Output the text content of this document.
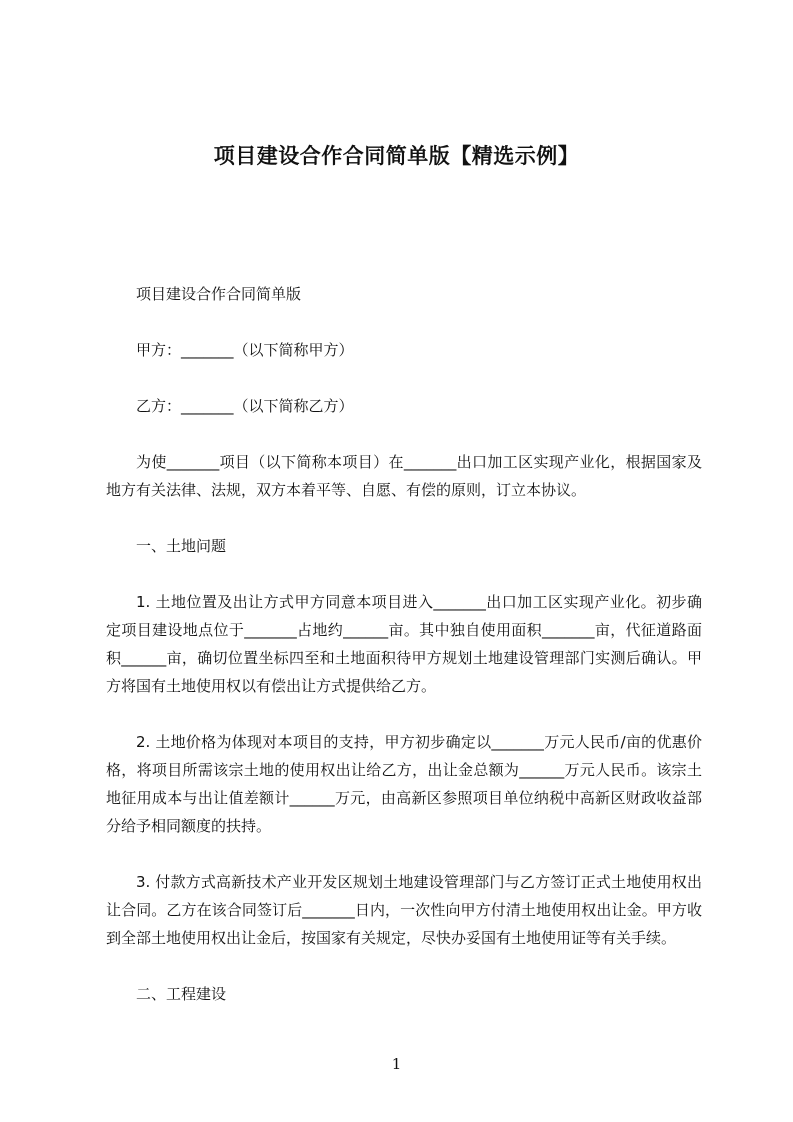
项目建设合作合同简单版【精选示例】

项目建设合作合同简单版

甲方：_______（以下简称甲方）

乙方：_______（以下简称乙方）

为使_______项目（以下简称本项目）在_______出口加工区实现产业化，根据国家及地方有关法律、法规，双方本着平等、自愿、有偿的原则，订立本协议。

一、土地问题

1. 土地位置及出让方式甲方同意本项目进入_______出口加工区实现产业化。初步确定项目建设地点位于_______占地约______亩。其中独自使用面积_______亩，代征道路面积______亩，确切位置坐标四至和土地面积待甲方规划土地建设管理部门实测后确认。甲方将国有土地使用权以有偿出让方式提供给乙方。

2. 土地价格为体现对本项目的支持，甲方初步确定以_______万元人民币/亩的优惠价格，将项目所需该宗土地的使用权出让给乙方，出让金总额为______万元人民币。该宗土地征用成本与出让值差额计______万元，由高新区参照项目单位纳税中高新区财政收益部分给予相同额度的扶持。

3. 付款方式高新技术产业开发区规划土地建设管理部门与乙方签订正式土地使用权出让合同。乙方在该合同签订后_______日内，一次性向甲方付清土地使用权出让金。甲方收到全部土地使用权出让金后，按国家有关规定，尽快办妥国有土地使用证等有关手续。

二、工程建设

1
